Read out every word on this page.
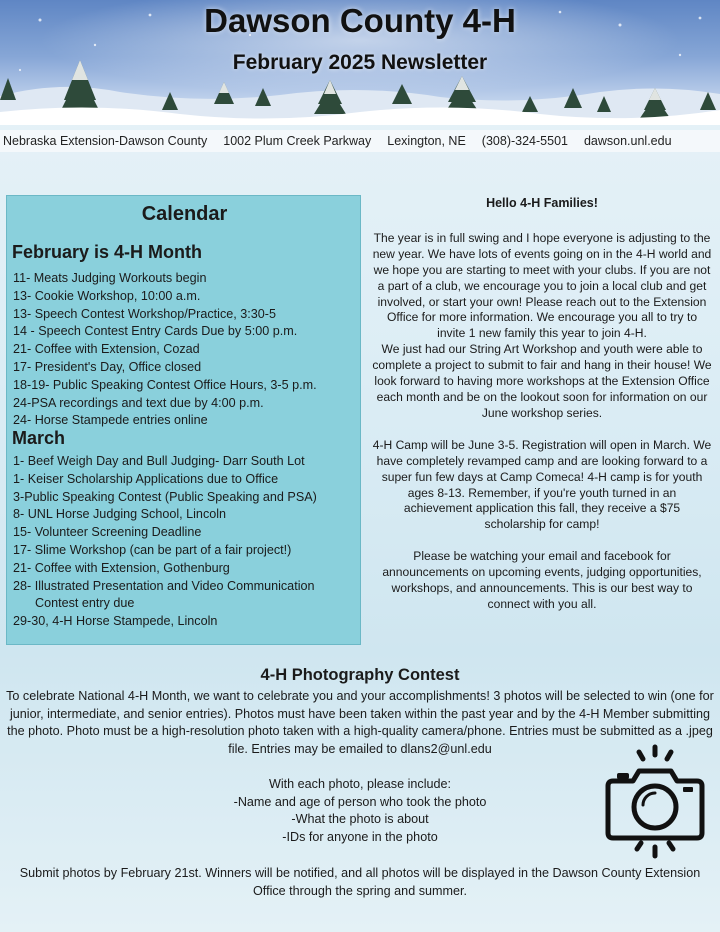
Dawson County 4-H
February 2025 Newsletter
Nebraska Extension-Dawson County 1002 Plum Creek Parkway Lexington, NE (308)-324-5501 dawson.unl.edu
Calendar
February is 4-H Month
11- Meats Judging Workouts begin
13- Cookie Workshop, 10:00 a.m.
13- Speech Contest Workshop/Practice, 3:30-5
14 - Speech Contest Entry Cards Due by 5:00 p.m.
21- Coffee with Extension, Cozad
17- President's Day, Office closed
18-19- Public Speaking Contest Office Hours, 3-5 p.m.
24-PSA recordings and text due by 4:00 p.m.
24- Horse Stampede entries online
March
1- Beef Weigh Day and Bull Judging- Darr South Lot
1- Keiser Scholarship Applications due to Office
3-Public Speaking Contest (Public Speaking and PSA)
8- UNL Horse Judging School, Lincoln
15- Volunteer Screening Deadline
17- Slime Workshop (can be part of a fair project!)
21- Coffee with Extension, Gothenburg
28- Illustrated Presentation and Video Communication
Contest entry due
29-30, 4-H Horse Stampede, Lincoln
Hello 4-H Families!

The year is in full swing and I hope everyone is adjusting to the new year. We have lots of events going on in the 4-H world and we hope you are starting to meet with your clubs. If you are not a part of a club, we encourage you to join a local club and get involved, or start your own! Please reach out to the Extension Office for more information. We encourage you all to try to invite 1 new family this year to join 4-H.

We just had our String Art Workshop and youth were able to complete a project to submit to fair and hang in their house! We look forward to having more workshops at the Extension Office each month and be on the lookout soon for information on our June workshop series.

4-H Camp will be June 3-5. Registration will open in March. We have completely revamped camp and are looking forward to a super fun few days at Camp Comeca! 4-H camp is for youth ages 8-13. Remember, if you're youth turned in an achievement application this fall, they receive a $75 scholarship for camp!

Please be watching your email and facebook for announcements on upcoming events, judging opportunities, workshops, and announcements. This is our best way to connect with you all.

4-H Photography Contest
To celebrate National 4-H Month, we want to celebrate you and your accomplishments! 3 photos will be selected to win (one for junior, intermediate, and senior entries). Photos must have been taken within the past year and by the 4-H Member submitting the photo. Photo must be a high-resolution photo taken with a high-quality camera/phone. Entries must be submitted as a .jpeg file. Entries may be emailed to dlans2@unl.edu
With each photo, please include:
-Name and age of person who took the photo
-What the photo is about
-IDs for anyone in the photo
Submit photos by February 21st. Winners will be notified, and all photos will be displayed in the Dawson County Extension Office through the spring and summer.
